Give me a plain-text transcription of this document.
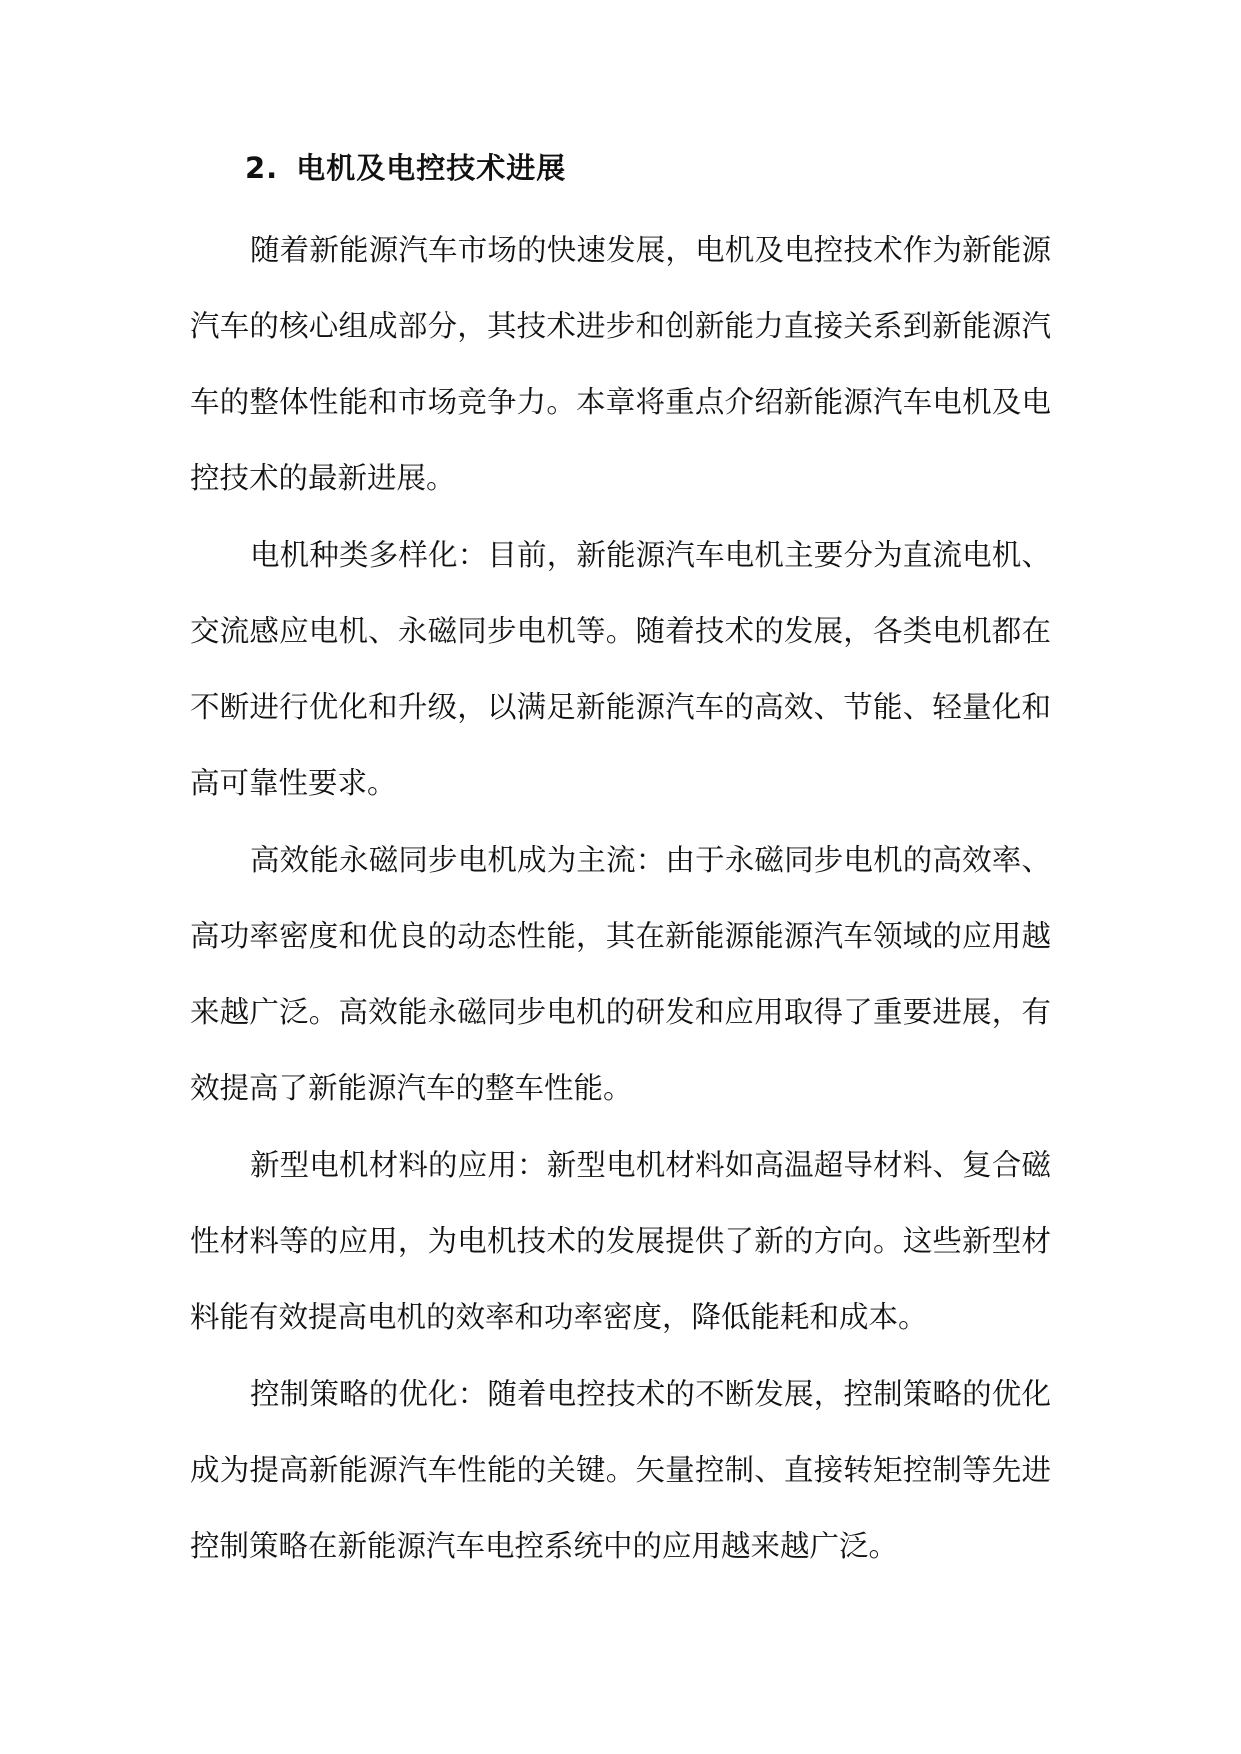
2. 电机及电控技术进展

随着新能源汽车市场的快速发展，电机及电控技术作为新能源汽车的核心组成部分，其技术进步和创新能力直接关系到新能源汽车的整体性能和市场竞争力。本章将重点介绍新能源汽车电机及电控技术的最新进展。

电机种类多样化：目前，新能源汽车电机主要分为直流电机、交流感应电机、永磁同步电机等。随着技术的发展，各类电机都在不断进行优化和升级，以满足新能源汽车的高效、节能、轻量化和高可靠性要求。

高效能永磁同步电机成为主流：由于永磁同步电机的高效率、高功率密度和优良的动态性能，其在新能源能源汽车领域的应用越来越广泛。高效能永磁同步电机的研发和应用取得了重要进展，有效提高了新能源汽车的整车性能。

新型电机材料的应用：新型电机材料如高温超导材料、复合磁性材料等的应用，为电机技术的发展提供了新的方向。这些新型材料能有效提高电机的效率和功率密度，降低能耗和成本。

控制策略的优化：随着电控技术的不断发展，控制策略的优化成为提高新能源汽车性能的关键。矢量控制、直接转矩控制等先进控制策略在新能源汽车电控系统中的应用越来越广泛。
